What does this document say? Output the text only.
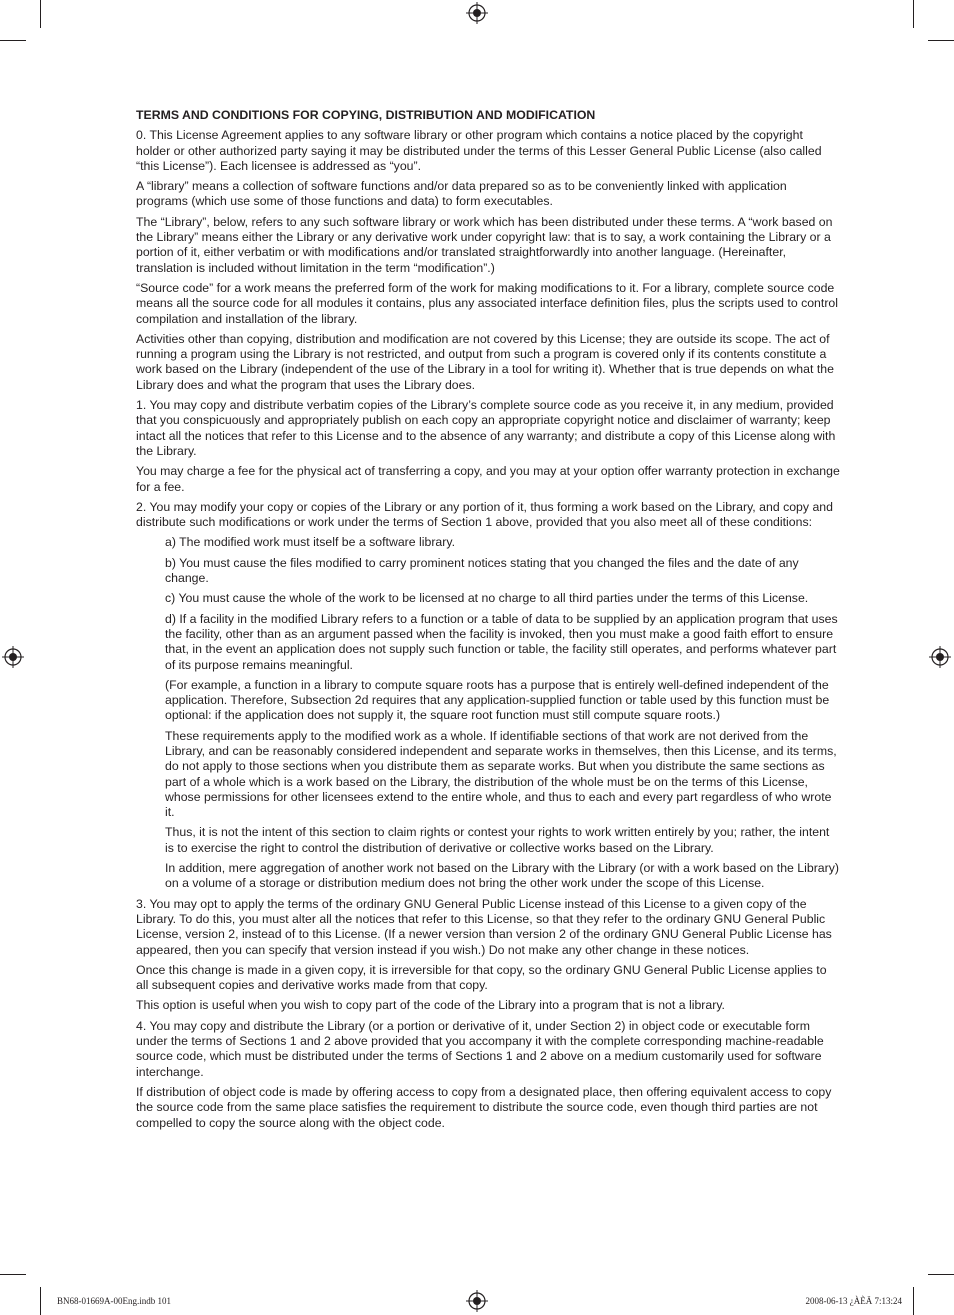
TERMS AND CONDITIONS FOR COPYING, DISTRIBUTION AND MODIFICATION

0. This License Agreement applies to any software library or other program which contains a notice placed by the copyright holder or other authorized party saying it may be distributed under the terms of this Lesser General Public License (also called “this License”). Each licensee is addressed as “you”.

A “library” means a collection of software functions and/or data prepared so as to be conveniently linked with application programs (which use some of those functions and data) to form executables.

The “Library”, below, refers to any such software library or work which has been distributed under these terms. A “work based on the Library” means either the Library or any derivative work under copyright law: that is to say, a work containing the Library or a portion of it, either verbatim or with modifications and/or translated straightforwardly into another language. (Hereinafter, translation is included without limitation in the term “modification”.)

“Source code” for a work means the preferred form of the work for making modifications to it. For a library, complete source code means all the source code for all modules it contains, plus any associated interface definition files, plus the scripts used to control compilation and installation of the library.

Activities other than copying, distribution and modification are not covered by this License; they are outside its scope. The act of running a program using the Library is not restricted, and output from such a program is covered only if its contents constitute a work based on the Library (independent of the use of the Library in a tool for writing it). Whether that is true depends on what the Library does and what the program that uses the Library does.

1. You may copy and distribute verbatim copies of the Library’s complete source code as you receive it, in any medium, provided that you conspicuously and appropriately publish on each copy an appropriate copyright notice and disclaimer of warranty; keep intact all the notices that refer to this License and to the absence of any warranty; and distribute a copy of this License along with the Library.

You may charge a fee for the physical act of transferring a copy, and you may at your option offer warranty protection in exchange for a fee.

2. You may modify your copy or copies of the Library or any portion of it, thus forming a work based on the Library, and copy and distribute such modifications or work under the terms of Section 1 above, provided that you also meet all of these conditions:

a) The modified work must itself be a software library.

b) You must cause the files modified to carry prominent notices stating that you changed the files and the date of any change.

c) You must cause the whole of the work to be licensed at no charge to all third parties under the terms of this License.

d) If a facility in the modified Library refers to a function or a table of data to be supplied by an application program that uses the facility, other than as an argument passed when the facility is invoked, then you must make a good faith effort to ensure that, in the event an application does not supply such function or table, the facility still operates, and performs whatever part of its purpose remains meaningful.

(For example, a function in a library to compute square roots has a purpose that is entirely well-defined independent of the application. Therefore, Subsection 2d requires that any application-supplied function or table used by this function must be optional: if the application does not supply it, the square root function must still compute square roots.)

These requirements apply to the modified work as a whole. If identifiable sections of that work are not derived from the Library, and can be reasonably considered independent and separate works in themselves, then this License, and its terms, do not apply to those sections when you distribute them as separate works. But when you distribute the same sections as part of a whole which is a work based on the Library, the distribution of the whole must be on the terms of this License, whose permissions for other licensees extend to the entire whole, and thus to each and every part regardless of who wrote it.

Thus, it is not the intent of this section to claim rights or contest your rights to work written entirely by you; rather, the intent is to exercise the right to control the distribution of derivative or collective works based on the Library.

In addition, mere aggregation of another work not based on the Library with the Library (or with a work based on the Library) on a volume of a storage or distribution medium does not bring the other work under the scope of this License.

3. You may opt to apply the terms of the ordinary GNU General Public License instead of this License to a given copy of the Library. To do this, you must alter all the notices that refer to this License, so that they refer to the ordinary GNU General Public License, version 2, instead of to this License. (If a newer version than version 2 of the ordinary GNU General Public License has appeared, then you can specify that version instead if you wish.) Do not make any other change in these notices.

Once this change is made in a given copy, it is irreversible for that copy, so the ordinary GNU General Public License applies to all subsequent copies and derivative works made from that copy.

This option is useful when you wish to copy part of the code of the Library into a program that is not a library.

4. You may copy and distribute the Library (or a portion or derivative of it, under Section 2) in object code or executable form under the terms of Sections 1 and 2 above provided that you accompany it with the complete corresponding machine-readable source code, which must be distributed under the terms of Sections 1 and 2 above on a medium customarily used for software interchange.

If distribution of object code is made by offering access to copy from a designated place, then offering equivalent access to copy the source code from the same place satisfies the requirement to distribute the source code, even though third parties are not compelled to copy the source along with the object code.

BN68-01669A-00Eng.indb 101	2008-06-13 ¿ÀÈÄ 7:13:24
